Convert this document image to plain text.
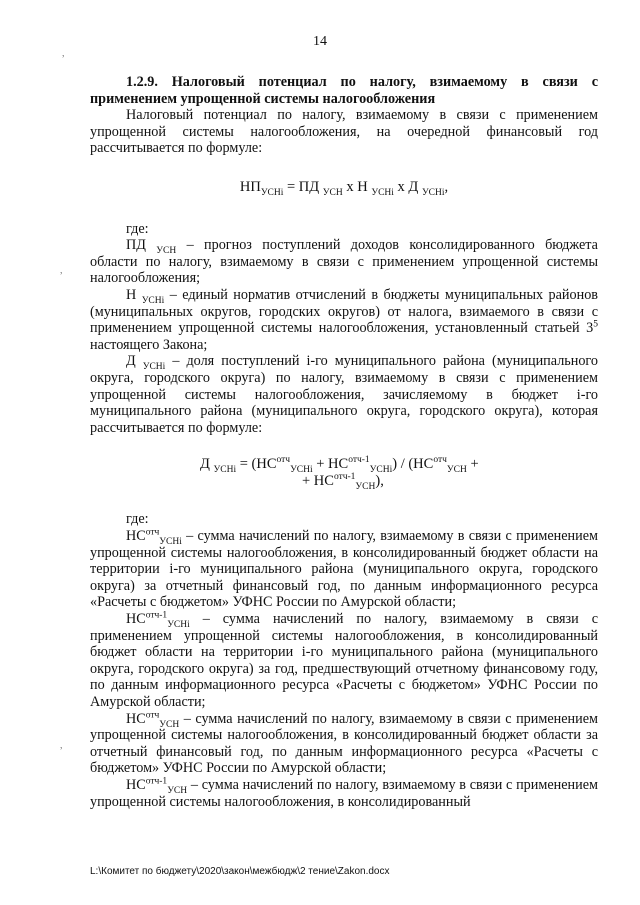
,
,
,
14

1.2.9. Налоговый потенциал по налогу, взимаемому в связи с применением упрощенной системы налогообложения

Налоговый потенциал по налогу, взимаемому в связи с применением упрощенной системы налогообложения, на очередной финансовый год рассчитывается по формуле:

$НП_{УСНi}$ = ПД $_{УСН}$ х Н $_{УСНi}$ х Д $_{УСНi}$,

где:

ПД $_{УСН}$ – прогноз поступлений доходов консолидированного бюджета области по налогу, взимаемому в связи с применением упрощенной системы налогообложения;

Н $_{УСНi}$ – единый норматив отчислений в бюджеты муниципальных районов (муниципальных округов, городских округов) от налога, взимаемого в связи с применением упрощенной системы налогообложения, установленный статьей $3^5$ настоящего Закона;

Д $_{УСНi}$ – доля поступлений i-го муниципального района (муниципального округа, городского округа) по налогу, взимаемому в связи с применением упрощенной системы налогообложения, зачисляемому в бюджет i-го муниципального района (муниципального округа, городского округа), которая рассчитывается по формуле:

Д $_{УСНi} = (НС^{отч}_{УСНi} + НС^{отч-1}_{УСНi}) / (НС^{отч}_{УСН}$ +
+ $НС^{отч-1}_{УСН}$),

где:

$НС^{отч}_{УСНi}$ – сумма начислений по налогу, взимаемому в связи с применением упрощенной системы налогообложения, в консолидированный бюджет области на территории i-го муниципального района (муниципального округа, городского округа) за отчетный финансовый год, по данным информационного ресурса «Расчеты с бюджетом» УФНС России по Амурской области;

$НС^{отч-1}_{УСНi}$ – сумма начислений по налогу, взимаемому в связи с применением упрощенной системы налогообложения, в консолидированный бюджет области на территории i-го муниципального района (муниципального округа, городского округа) за год, предшествующий отчетному финансовому году, по данным информационного ресурса «Расчеты с бюджетом» УФНС России по Амурской области;

$НС^{отч}_{УСН}$ – сумма начислений по налогу, взимаемому в связи с применением упрощенной системы налогообложения, в консолидированный бюджет области за отчетный финансовый год, по данным информационного ресурса «Расчеты с бюджетом» УФНС России по Амурской области;

$НС^{отч-1}_{УСН}$ – сумма начислений по налогу, взимаемому в связи с применением упрощенной системы налогообложения, в консолидированный

L:\Комитет по бюджету\2020\закон\межбюдж\2 тение\Zakon.docx
